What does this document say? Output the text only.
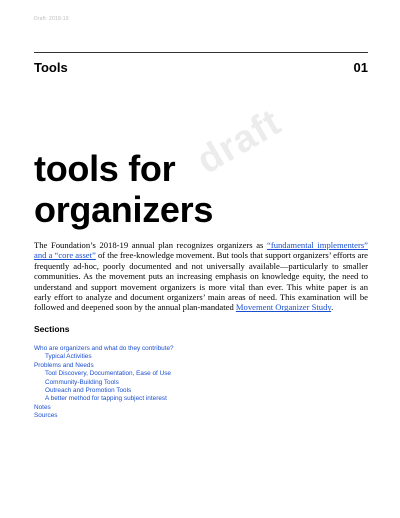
Draft: 2018-19
Tools	01
draft
tools for
organizers
The Foundation’s 2018-19 annual plan recognizes organizers as “fundamental implementers” and a “core asset” of the free-knowledge movement. But tools that support organizers’ efforts are frequently ad-hoc, poorly documented and not universally available—particularly to smaller communities. As the movement puts an increasing emphasis on knowledge equity, the need to understand and support movement organizers is more vital than ever. This white paper is an early effort to analyze and document organizers’ main areas of need. This examination will be followed and deepened soon by the annual plan-mandated Movement Organizer Study.
Sections
Who are organizers and what do they contribute?
Typical Activities
Problems and Needs
Tool Discovery, Documentation, Ease of Use
Community-Building Tools
Outreach and Promotion Tools
A better method for tapping subject interest
Notes
Sources
